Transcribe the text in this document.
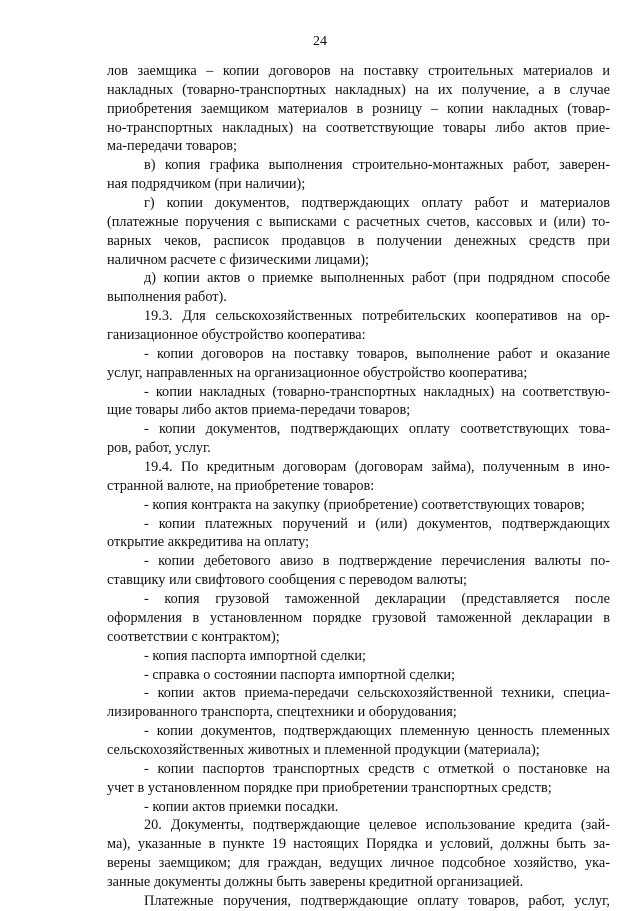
24
лов заемщика – копии договоров на поставку строительных материалов и
накладных (товарно-транспортных накладных) на их получение, а в случае
приобретения заемщиком материалов в розницу – копии накладных (товар-
но-транспортных накладных) на соответствующие товары либо актов прие-
ма-передачи товаров;
в) копия графика выполнения строительно-монтажных работ, заверен-
ная подрядчиком (при наличии);
г) копии документов, подтверждающих оплату работ и материалов
(платежные поручения с выписками с расчетных счетов, кассовых и (или) то-
варных чеков, расписок продавцов в получении денежных средств при
наличном расчете с физическими лицами);
д) копии актов о приемке выполненных работ (при подрядном способе
выполнения работ).
19.3. Для сельскохозяйственных потребительских кооперативов на ор-
ганизационное обустройство кооператива:
- копии договоров на поставку товаров, выполнение работ и оказание
услуг, направленных на организационное обустройство кооператива;
- копии накладных (товарно-транспортных накладных) на соответствую-
щие товары либо актов приема-передачи товаров;
- копии документов, подтверждающих оплату соответствующих това-
ров, работ, услуг.
19.4. По кредитным договорам (договорам займа), полученным в ино-
странной валюте, на приобретение товаров:
- копия контракта на закупку (приобретение) соответствующих товаров;
- копии платежных поручений и (или) документов, подтверждающих
открытие аккредитива на оплату;
- копии дебетового авизо в подтверждение перечисления валюты по-
ставщику или свифтового сообщения с переводом валюты;
- копия грузовой таможенной декларации (представляется после
оформления в установленном порядке грузовой таможенной декларации в
соответствии с контрактом);
- копия паспорта импортной сделки;
- справка о состоянии паспорта импортной сделки;
- копии актов приема-передачи сельскохозяйственной техники, специа-
лизированного транспорта, спецтехники и оборудования;
- копии документов, подтверждающих племенную ценность племенных
сельскохозяйственных животных и племенной продукции (материала);
- копии паспортов транспортных средств с отметкой о постановке на
учет в установленном порядке при приобретении транспортных средств;
- копии актов приемки посадки.
20. Документы, подтверждающие целевое использование кредита (зай-
ма), указанные в пункте 19 настоящих Порядка и условий, должны быть за-
верены заемщиком; для граждан, ведущих личное подсобное хозяйство, ука-
занные документы должны быть заверены кредитной организацией.
Платежные поручения, подтверждающие оплату товаров, работ, услуг,
